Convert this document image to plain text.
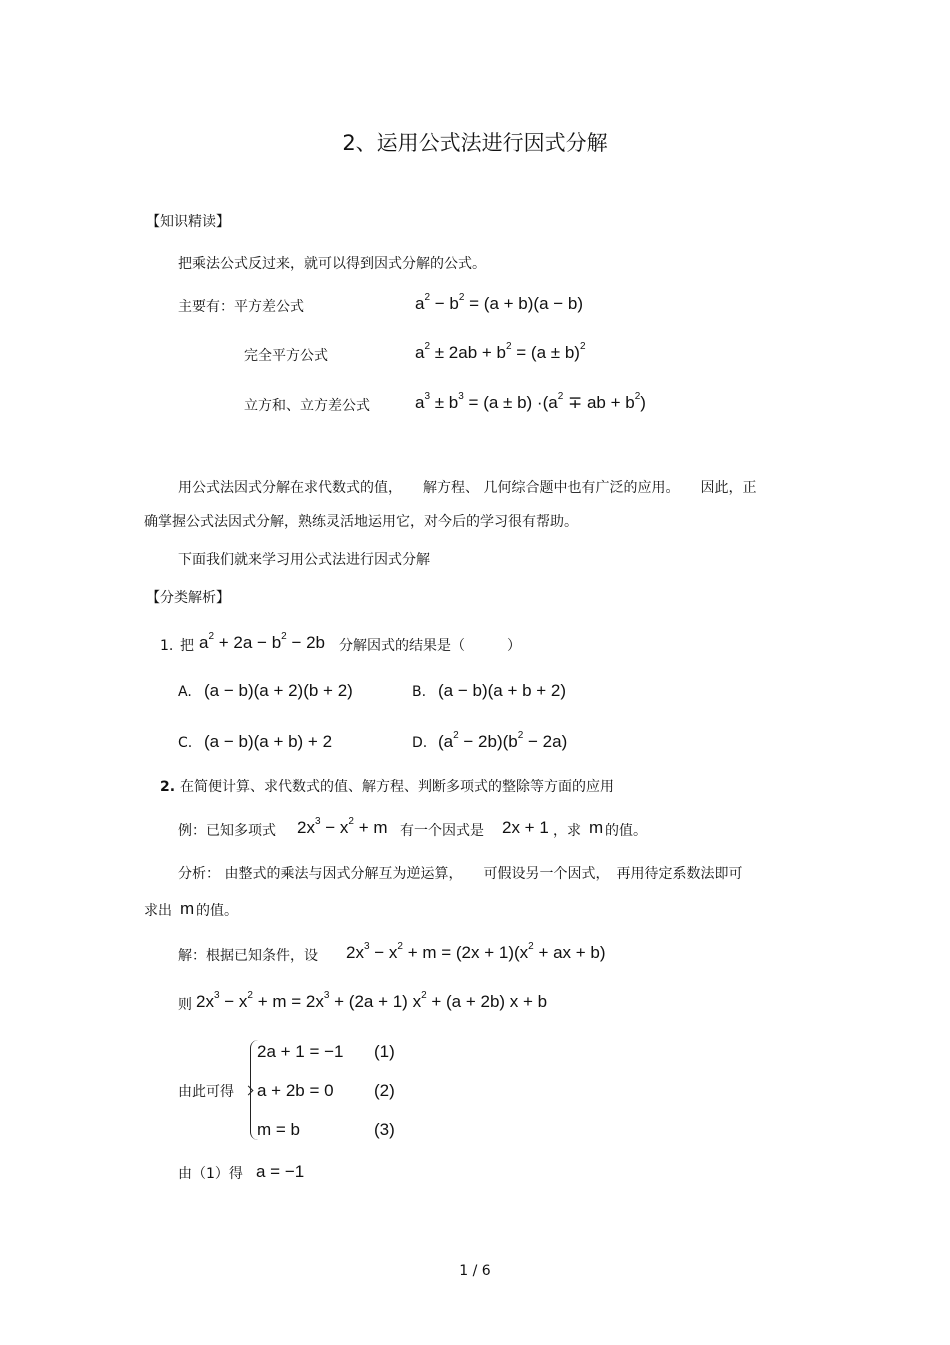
2、运用公式法进行因式分解
【知识精读】
把乘法公式反过来，就可以得到因式分解的公式。
主要有：平方差公式	$a^2 - b^2 = (a + b)(a - b)$
完全平方公式	$a^2 \pm 2ab + b^2 = (a \pm b)^2$
立方和、立方差公式	$a^3 \pm b^3 = (a \pm b) \cdot(a^2$ ∓ ab + $b^2$)
用公式法因式分解在求代数式的值，　　解方程、 几何综合题中也有广泛的应用。　　因此，正
确掌握公式法因式分解，熟练灵活地运用它，对今后的学习很有帮助。
下面我们就来学习用公式法进行因式分解
【分类解析】
1. 把 $a^2 + 2a - b^2 - 2b$ 分解因式的结果是（　　　）
A. (a − b)(a + 2)(b + 2)	B. (a − b)(a + b + 2)
C. (a − b)(a + b) + 2	D. $(a^2 - 2b)(b^2 - 2a)$
2. 在简便计算、求代数式的值、解方程、判断多项式的整除等方面的应用
例：已知多项式 $2x^3 - x^2 + m$ 有一个因式是 2x + 1 ，求 m 的值。
分析： 由整式的乘法与因式分解互为逆运算，　　可假设另一个因式，　再用待定系数法即可
求出 m 的值。
解：根据已知条件，设 $2x^3 - x^2 + m = (2x + 1)(x^2$ + ax + b)
则 $2x^3 - x^2 + m = 2x^3 + (2a + 1) x^2 + (a + 2b) x + b$
由此可得
2a + 1 = −1 (1)
a + 2b = 0 (2)
m = b	(3)
由（1）得 a = −1
1 / 6
